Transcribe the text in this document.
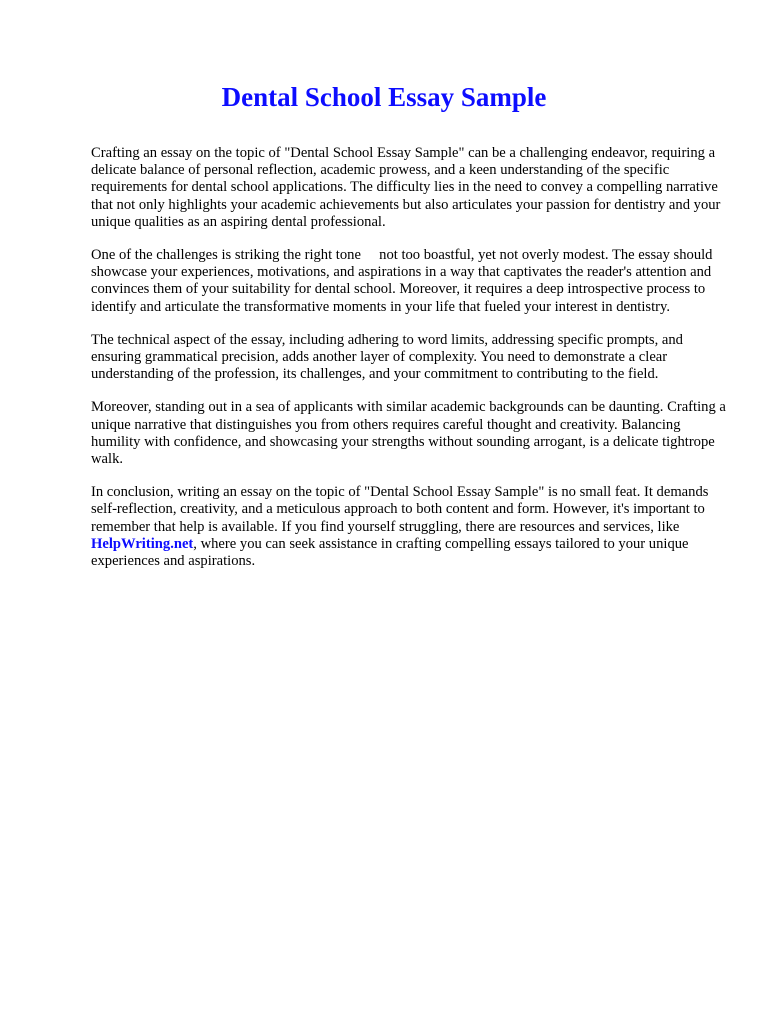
Dental School Essay Sample

Crafting an essay on the topic of "Dental School Essay Sample" can be a challenging endeavor, requiring a delicate balance of personal reflection, academic prowess, and a keen understanding of the specific requirements for dental school applications. The difficulty lies in the need to convey a compelling narrative that not only highlights your academic achievements but also articulates your passion for dentistry and your unique qualities as an aspiring dental professional.

One of the challenges is striking the right tone  not too boastful, yet not overly modest. The essay should showcase your experiences, motivations, and aspirations in a way that captivates the reader's attention and convinces them of your suitability for dental school. Moreover, it requires a deep introspective process to identify and articulate the transformative moments in your life that fueled your interest in dentistry.

The technical aspect of the essay, including adhering to word limits, addressing specific prompts, and ensuring grammatical precision, adds another layer of complexity. You need to demonstrate a clear understanding of the profession, its challenges, and your commitment to contributing to the field.

Moreover, standing out in a sea of applicants with similar academic backgrounds can be daunting. Crafting a unique narrative that distinguishes you from others requires careful thought and creativity. Balancing humility with confidence, and showcasing your strengths without sounding arrogant, is a delicate tightrope walk.

In conclusion, writing an essay on the topic of "Dental School Essay Sample" is no small feat. It demands self-reflection, creativity, and a meticulous approach to both content and form. However, it's important to remember that help is available. If you find yourself struggling, there are resources and services, like HelpWriting.net, where you can seek assistance in crafting compelling essays tailored to your unique experiences and aspirations.
